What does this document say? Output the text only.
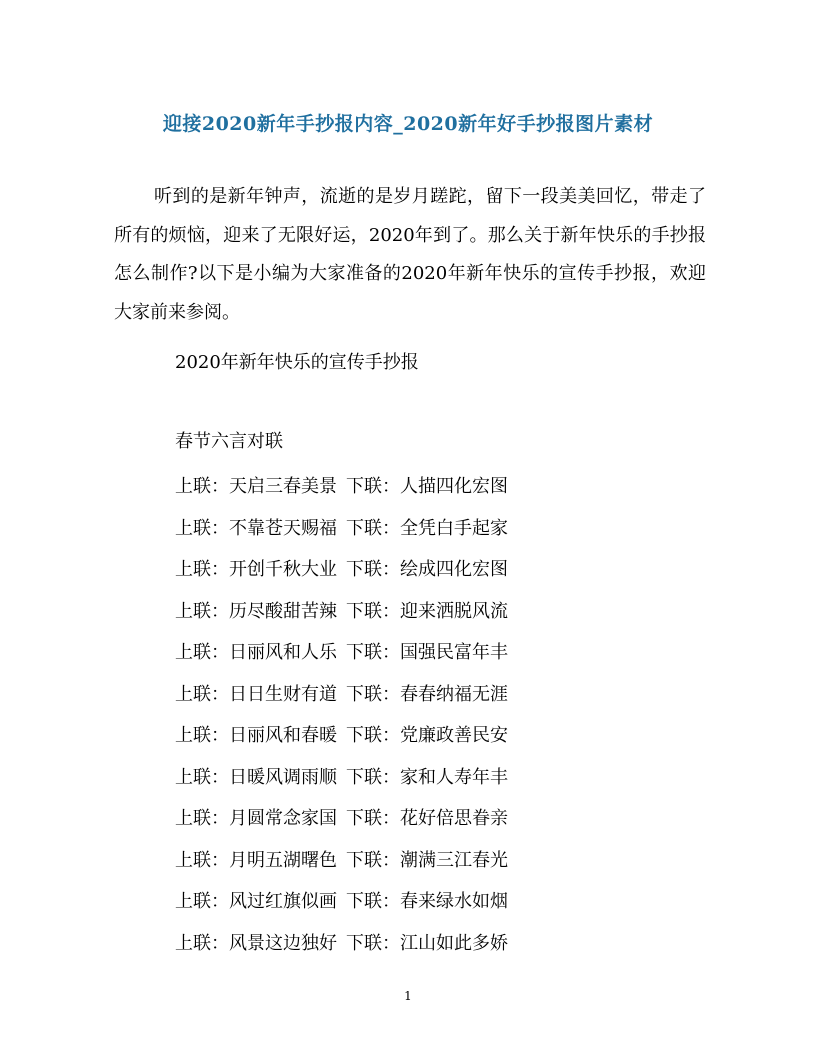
迎接2020新年手抄报内容_2020新年好手抄报图片素材

听到的是新年钟声，流逝的是岁月蹉跎，留下一段美美回忆，带走了所有的烦恼，迎来了无限好运，2020年到了。那么关于新年快乐的手抄报怎么制作?以下是小编为大家准备的2020年新年快乐的宣传手抄报，欢迎大家前来参阅。

2020年新年快乐的宣传手抄报
春节六言对联
上联：天启三春美景 下联：人描四化宏图
上联：不靠苍天赐福 下联：全凭白手起家
上联：开创千秋大业 下联：绘成四化宏图
上联：历尽酸甜苦辣 下联：迎来洒脱风流
上联：日丽风和人乐 下联：国强民富年丰
上联：日日生财有道 下联：春春纳福无涯
上联：日丽风和春暖 下联：党廉政善民安
上联：日暖风调雨顺 下联：家和人寿年丰
上联：月圆常念家国 下联：花好倍思眷亲
上联：月明五湖曙色 下联：潮满三江春光
上联：风过红旗似画 下联：春来绿水如烟
上联：风景这边独好 下联：江山如此多娇
1
